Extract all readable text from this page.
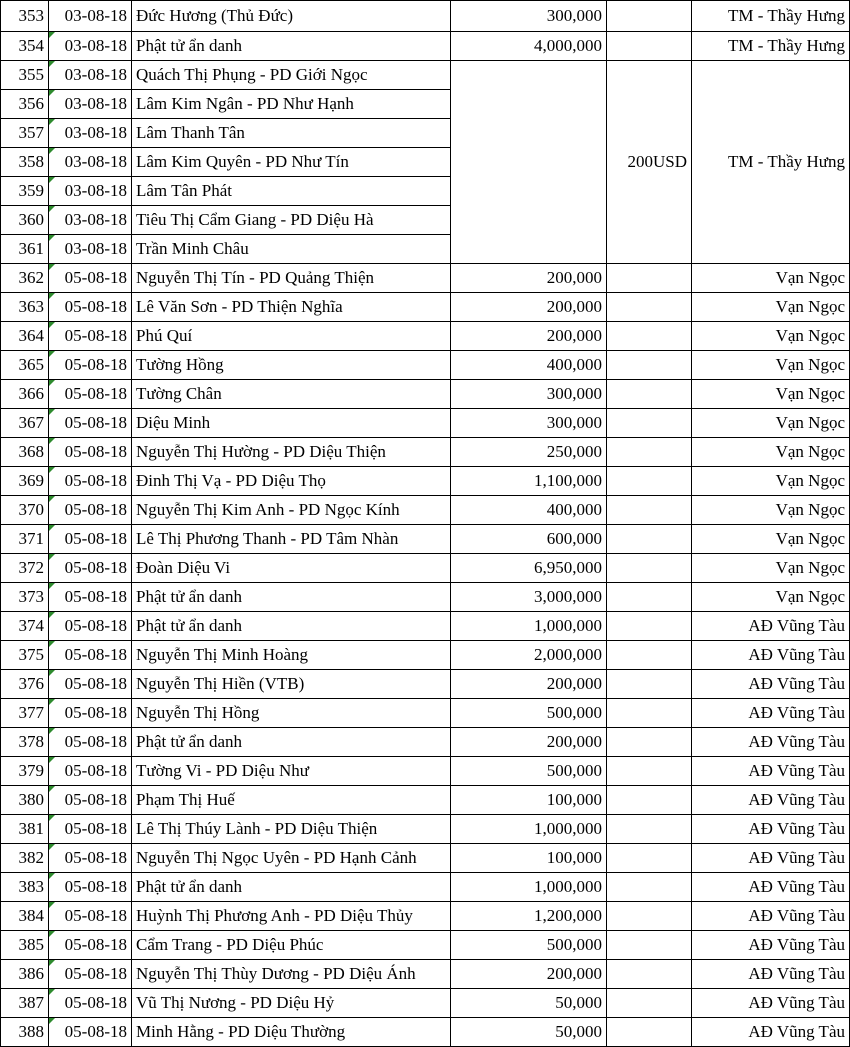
353	03-08-18	Đức Hương (Thủ Đức)	300,000		TM - Thầy Hưng
354	03-08-18	Phật tử ẩn danh	4,000,000		TM - Thầy Hưng
355	03-08-18	Quách Thị Phụng - PD Giới Ngọc		200USD	TM - Thầy Hưng
356	03-08-18	Lâm Kim Ngân - PD Như Hạnh			
357	03-08-18	Lâm Thanh Tân			
358	03-08-18	Lâm Kim Quyên - PD Như Tín			
359	03-08-18	Lâm Tân Phát			
360	03-08-18	Tiêu Thị Cẩm Giang - PD Diệu Hà			
361	03-08-18	Trần Minh Châu			
362	05-08-18	Nguyễn Thị Tín - PD Quảng Thiện	200,000		Vạn Ngọc
363	05-08-18	Lê Văn Sơn - PD Thiện Nghĩa	200,000		Vạn Ngọc
364	05-08-18	Phú Quí	200,000		Vạn Ngọc
365	05-08-18	Tường Hồng	400,000		Vạn Ngọc
366	05-08-18	Tường Chân	300,000		Vạn Ngọc
367	05-08-18	Diệu Minh	300,000		Vạn Ngọc
368	05-08-18	Nguyễn Thị Hường - PD Diệu Thiện	250,000		Vạn Ngọc
369	05-08-18	Đinh Thị Vạ - PD Diệu Thọ	1,100,000		Vạn Ngọc
370	05-08-18	Nguyễn Thị Kim Anh - PD Ngọc Kính	400,000		Vạn Ngọc
371	05-08-18	Lê Thị Phương Thanh - PD Tâm Nhàn	600,000		Vạn Ngọc
372	05-08-18	Đoàn Diệu Vi	6,950,000		Vạn Ngọc
373	05-08-18	Phật tử ẩn danh	3,000,000		Vạn Ngọc
374	05-08-18	Phật tử ẩn danh	1,000,000		AĐ Vũng Tàu
375	05-08-18	Nguyễn Thị Minh Hoàng	2,000,000		AĐ Vũng Tàu
376	05-08-18	Nguyễn Thị Hiền (VTB)	200,000		AĐ Vũng Tàu
377	05-08-18	Nguyễn Thị Hồng	500,000		AĐ Vũng Tàu
378	05-08-18	Phật tử ẩn danh	200,000		AĐ Vũng Tàu
379	05-08-18	Tường Vi - PD Diệu Như	500,000		AĐ Vũng Tàu
380	05-08-18	Phạm Thị Huế	100,000		AĐ Vũng Tàu
381	05-08-18	Lê Thị Thúy Lành - PD Diệu Thiện	1,000,000		AĐ Vũng Tàu
382	05-08-18	Nguyễn Thị Ngọc Uyên - PD Hạnh Cảnh	100,000		AĐ Vũng Tàu
383	05-08-18	Phật tử ẩn danh	1,000,000		AĐ Vũng Tàu
384	05-08-18	Huỳnh Thị Phương Anh - PD Diệu Thủy	1,200,000		AĐ Vũng Tàu
385	05-08-18	Cẩm Trang - PD Diệu Phúc	500,000		AĐ Vũng Tàu
386	05-08-18	Nguyễn Thị Thùy Dương - PD Diệu Ánh	200,000		AĐ Vũng Tàu
387	05-08-18	Vũ Thị Nương - PD Diệu Hỷ	50,000		AĐ Vũng Tàu
388	05-08-18	Minh Hằng - PD Diệu Thường	50,000		AĐ Vũng Tàu
